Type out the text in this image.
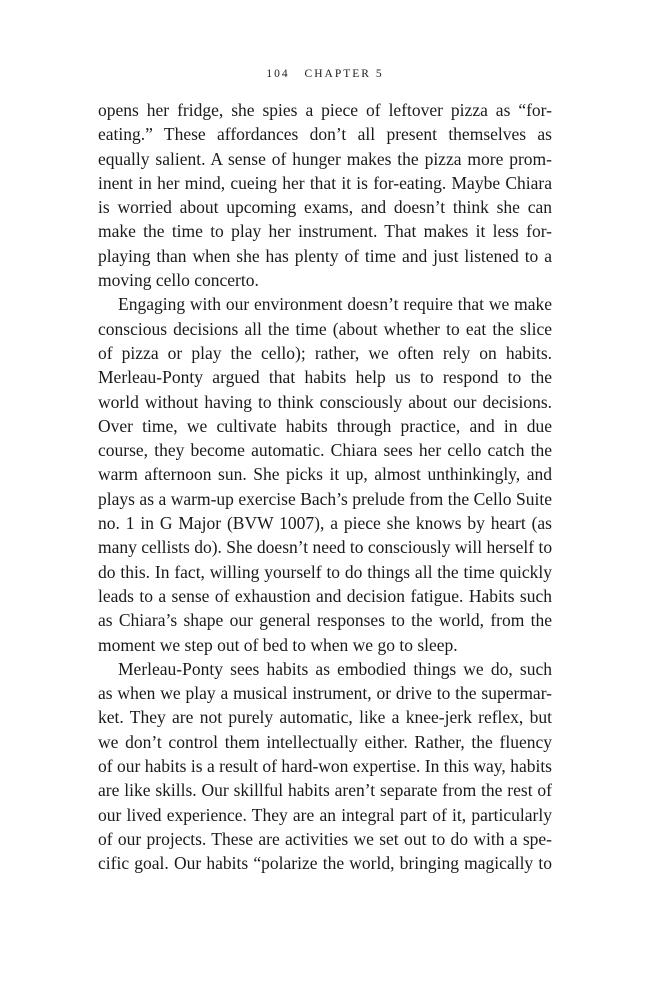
104 CHAPTER 5
opens her fridge, she spies a piece of leftover pizza as “for-
eating.” These affordances don’t all present themselves as
equally salient. A sense of hunger makes the pizza more prom-
inent in her mind, cueing her that it is for-eating. Maybe Chiara
is worried about upcoming exams, and doesn’t think she can
make the time to play her instrument. That makes it less for-
playing than when she has plenty of time and just listened to a
moving cello concerto.
Engaging with our environment doesn’t require that we make
conscious decisions all the time (about whether to eat the slice
of pizza or play the cello); rather, we often rely on habits.
Merleau-Ponty argued that habits help us to respond to the
world without having to think consciously about our decisions.
Over time, we cultivate habits through practice, and in due
course, they become automatic. Chiara sees her cello catch the
warm afternoon sun. She picks it up, almost unthinkingly, and
plays as a warm-up exercise Bach’s prelude from the Cello Suite
no. 1 in G Major (BVW 1007), a piece she knows by heart (as
many cellists do). She doesn’t need to consciously will herself to
do this. In fact, willing yourself to do things all the time quickly
leads to a sense of exhaustion and decision fatigue. Habits such
as Chiara’s shape our general responses to the world, from the
moment we step out of bed to when we go to sleep.
Merleau-Ponty sees habits as embodied things we do, such
as when we play a musical instrument, or drive to the supermar-
ket. They are not purely automatic, like a knee-jerk reflex, but
we don’t control them intellectually either. Rather, the fluency
of our habits is a result of hard-won expertise. In this way, habits
are like skills. Our skillful habits aren’t separate from the rest of
our lived experience. They are an integral part of it, particularly
of our projects. These are activities we set out to do with a spe-
cific goal. Our habits “polarize the world, bringing magically to
